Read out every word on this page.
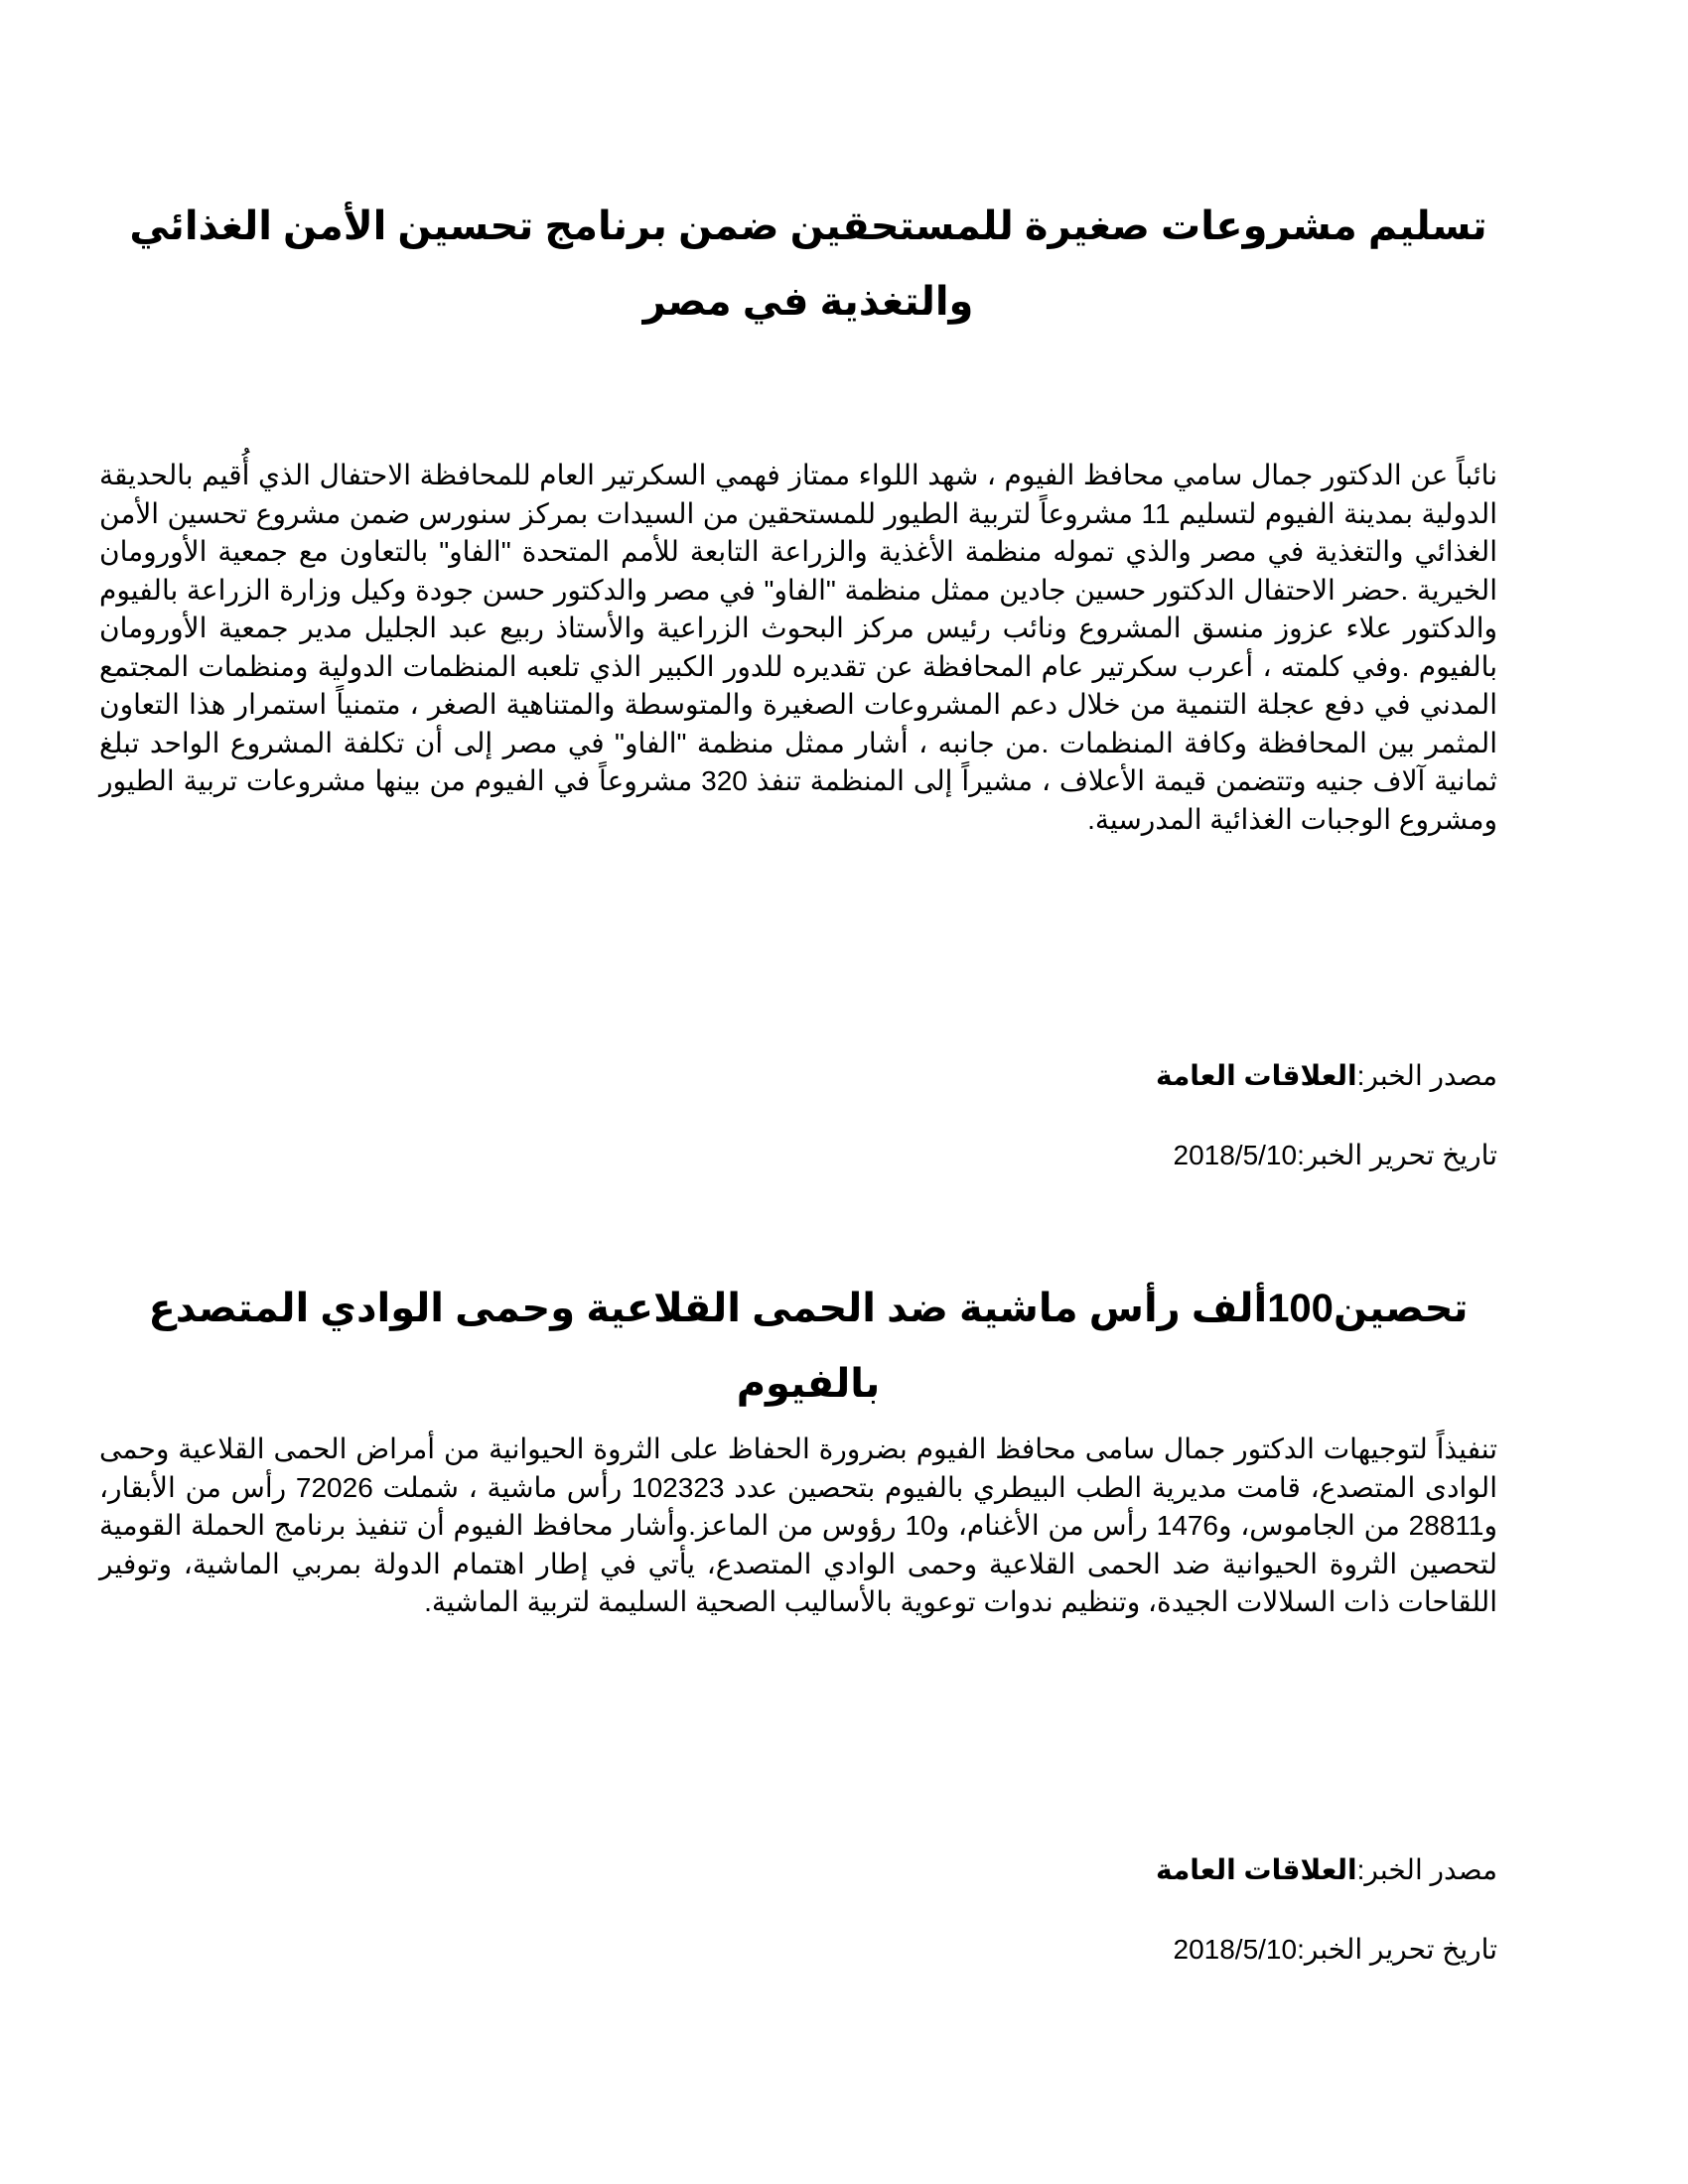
تسليم مشروعات صغيرة للمستحقين ضمن برنامج تحسين الأمن الغذائي والتغذية في مصر

نائباً عن الدكتور جمال سامي محافظ الفيوم ، شهد اللواء ممتاز فهمي السكرتير العام للمحافظة الاحتفال الذي أُقيم بالحديقة الدولية بمدينة الفيوم لتسليم 11 مشروعاً لتربية الطيور للمستحقين من السيدات بمركز سنورس ضمن مشروع تحسين الأمن الغذائي والتغذية في مصر والذي تموله منظمة الأغذية والزراعة التابعة للأمم المتحدة "الفاو" بالتعاون مع جمعية الأورومان الخيرية .حضر الاحتفال الدكتور حسين جادين ممثل منظمة "الفاو" في مصر والدكتور حسن جودة وكيل وزارة الزراعة بالفيوم والدكتور علاء عزوز منسق المشروع ونائب رئيس مركز البحوث الزراعية والأستاذ ربيع عبد الجليل مدير جمعية الأورومان بالفيوم .وفي كلمته ، أعرب سكرتير عام المحافظة عن تقديره للدور الكبير الذي تلعبه المنظمات الدولية ومنظمات المجتمع المدني في دفع عجلة التنمية من خلال دعم المشروعات الصغيرة والمتوسطة والمتناهية الصغر ، متمنياً استمرار هذا التعاون المثمر بين المحافظة وكافة المنظمات .من جانبه ، أشار ممثل منظمة "الفاو" في مصر إلى أن تكلفة المشروع الواحد تبلغ ثمانية آلاف جنيه وتتضمن قيمة الأعلاف ، مشيراً إلى المنظمة تنفذ 320 مشروعاً في الفيوم من بينها مشروعات تربية الطيور ومشروع الوجبات الغذائية المدرسية.

مصدر الخبر:العلاقات العامة
تاريخ تحرير الخبر:2018/5/10
تحصين100ألف رأس ماشية ضد الحمى القلاعية وحمى الوادي المتصدع بالفيوم

تنفيذاً لتوجيهات الدكتور جمال سامى محافظ الفيوم بضرورة الحفاظ على الثروة الحيوانية من أمراض الحمى القلاعية وحمى الوادى المتصدع، قامت مديرية الطب البيطري بالفيوم بتحصين عدد 102323 رأس ماشية ، شملت 72026 رأس من الأبقار، و28811 من الجاموس، و1476 رأس من الأغنام، و10 رؤوس من الماعز.وأشار محافظ الفيوم أن تنفيذ برنامج الحملة القومية لتحصين الثروة الحيوانية ضد الحمى القلاعية وحمى الوادي المتصدع، يأتي في إطار اهتمام الدولة بمربي الماشية، وتوفير اللقاحات ذات السلالات الجيدة، وتنظيم ندوات توعوية بالأساليب الصحية السليمة لتربية الماشية.

مصدر الخبر:العلاقات العامة
تاريخ تحرير الخبر:2018/5/10
